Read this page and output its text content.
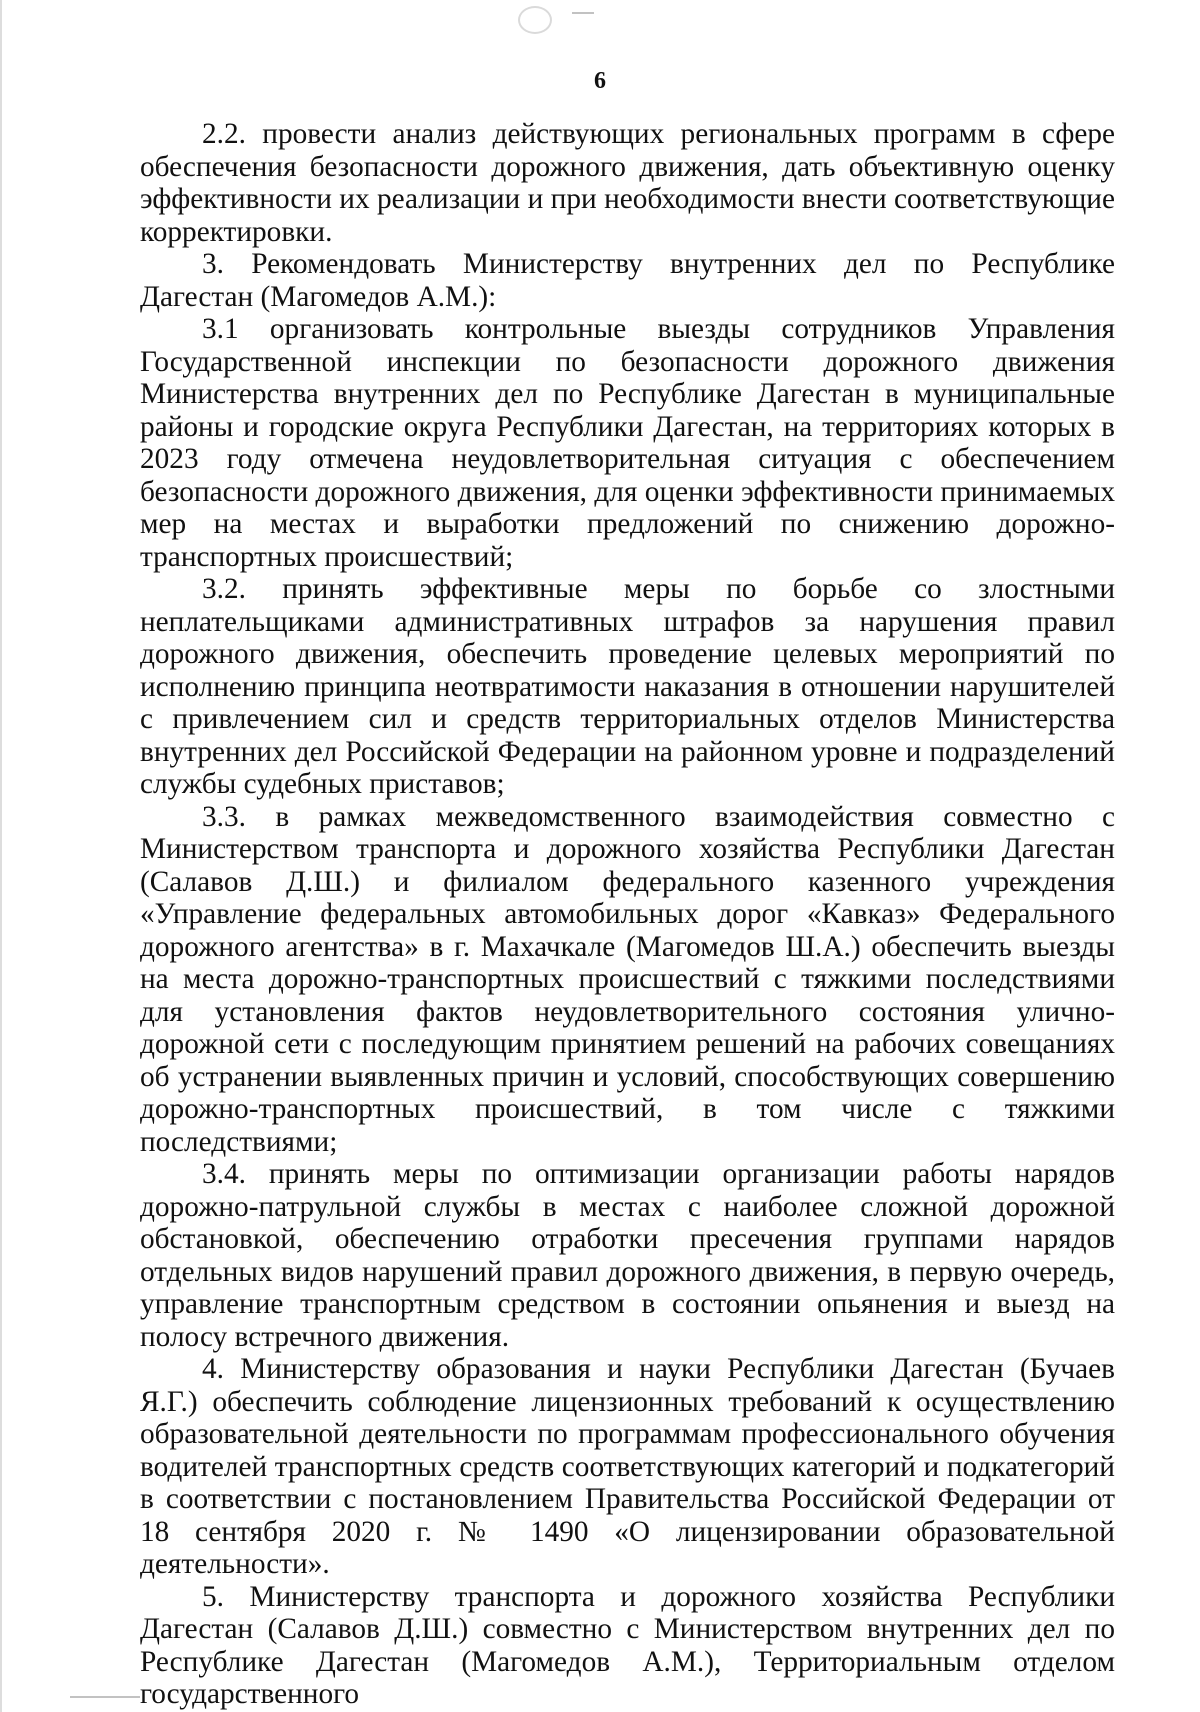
6

2.2. провести анализ действующих региональных программ в сфере обеспечения безопасности дорожного движения, дать объективную оценку эффективности их реализации и при необходимости внести соответствующие корректировки.

3. Рекомендовать Министерству внутренних дел по Республике Дагестан (Магомедов А.М.):

3.1 организовать контрольные выезды сотрудников Управления Государственной инспекции по безопасности дорожного движения Министерства внутренних дел по Республике Дагестан в муниципальные районы и городские округа Республики Дагестан, на территориях которых в 2023 году отмечена неудовлетворительная ситуация с обеспечением безопасности дорожного движения, для оценки эффективности принимаемых мер на местах и выработки предложений по снижению дорожно-транспортных происшествий;

3.2. принять эффективные меры по борьбе со злостными неплательщиками административных штрафов за нарушения правил дорожного движения, обеспечить проведение целевых мероприятий по исполнению принципа неотвратимости наказания в отношении нарушителей с привлечением сил и средств территориальных отделов Министерства внутренних дел Российской Федерации на районном уровне и подразделений службы судебных приставов;

3.3. в рамках межведомственного взаимодействия совместно с Министерством транспорта и дорожного хозяйства Республики Дагестан (Салавов Д.Ш.) и филиалом федерального казенного учреждения «Управление федеральных автомобильных дорог «Кавказ» Федерального дорожного агентства» в г. Махачкале (Магомедов Ш.А.) обеспечить выезды на места дорожно-транспортных происшествий с тяжкими последствиями для установления фактов неудовлетворительного состояния улично-дорожной сети с последующим принятием решений на рабочих совещаниях об устранении выявленных причин и условий, способствующих совершению дорожно-транспортных происшествий, в том числе с тяжкими последствиями;

3.4. принять меры по оптимизации организации работы нарядов дорожно-патрульной службы в местах с наиболее сложной дорожной обстановкой, обеспечению отработки пресечения группами нарядов отдельных видов нарушений правил дорожного движения, в первую очередь, управление транспортным средством в состоянии опьянения и выезд на полосу встречного движения.

4. Министерству образования и науки Республики Дагестан (Бучаев Я.Г.) обеспечить соблюдение лицензионных требований к осуществлению образовательной деятельности по программам профессионального обучения водителей транспортных средств соответствующих категорий и подкатегорий в соответствии с постановлением Правительства Российской Федерации от 18 сентября 2020 г. № 1490 «О лицензировании образовательной деятельности».

5. Министерству транспорта и дорожного хозяйства Республики Дагестан (Салавов Д.Ш.) совместно с Министерством внутренних дел по Республике Дагестан (Магомедов А.М.), Территориальным отделом государственного
